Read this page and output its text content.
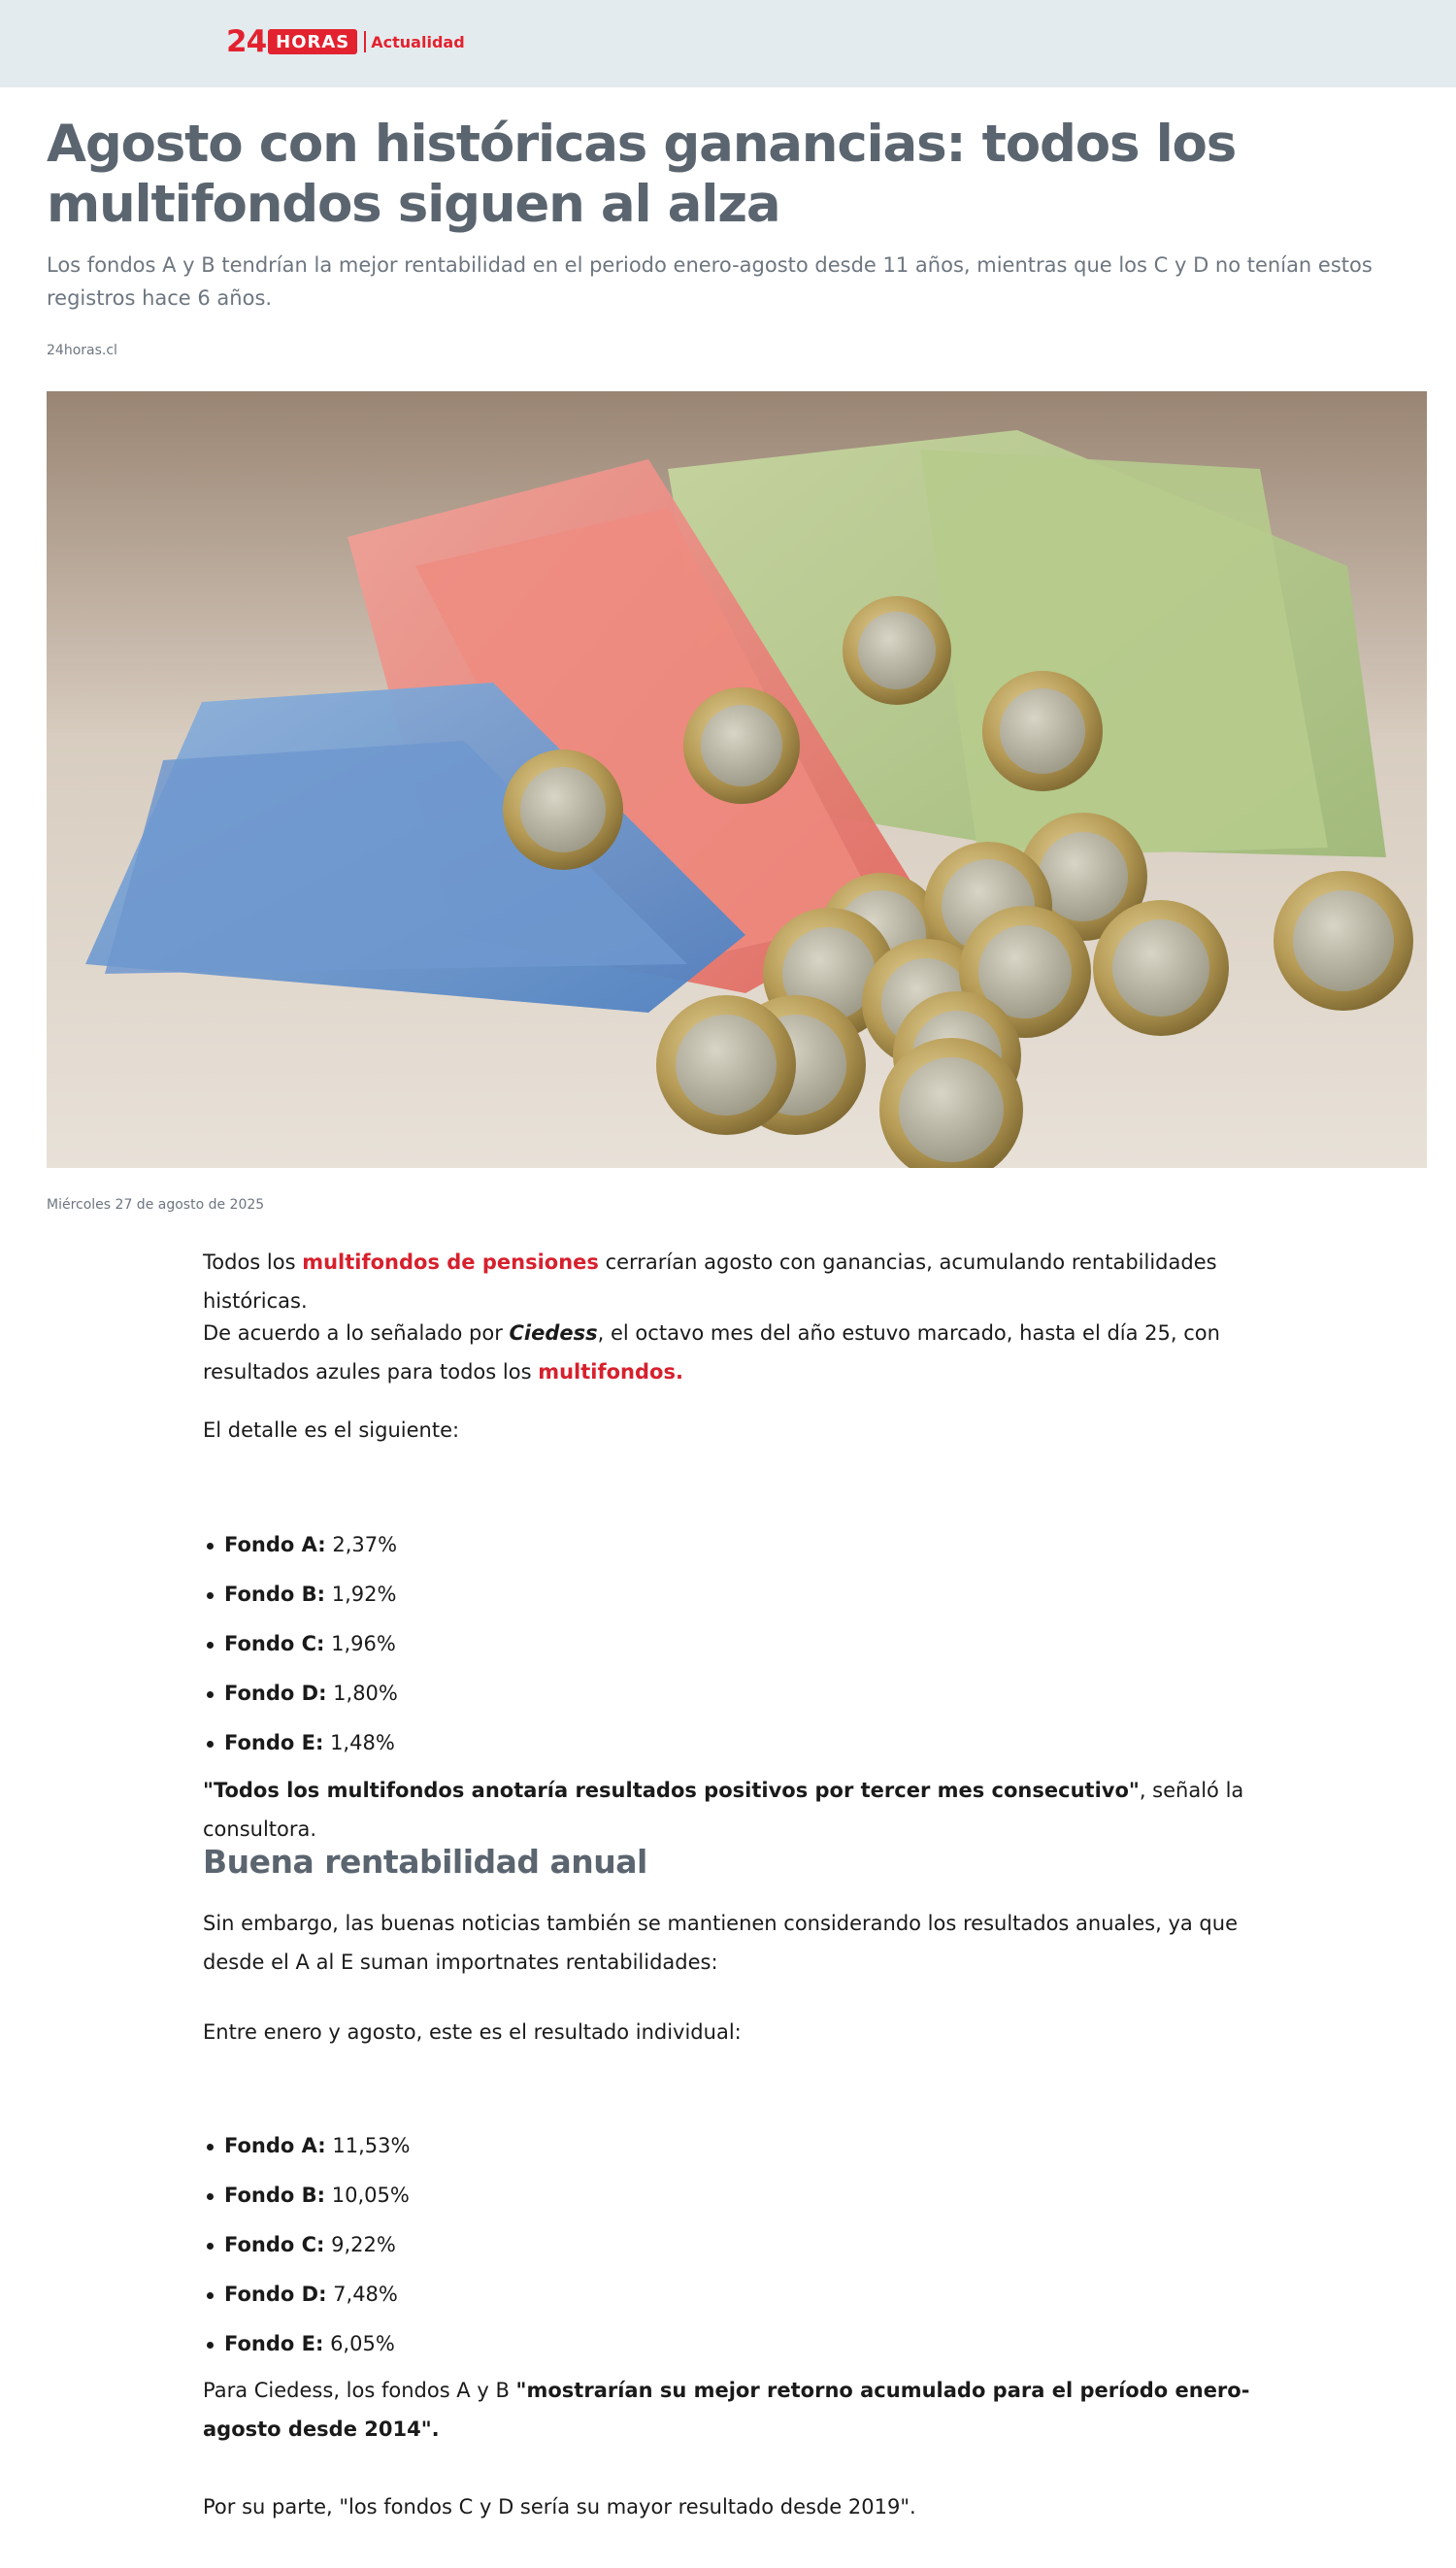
24 HORAS	Actualidad
Agosto con históricas ganancias: todos los multifondos siguen al alza

Los fondos A y B tendrían la mejor rentabilidad en el periodo enero-agosto desde 11 años, mientras que los C y D no tenían estos registros hace 6 años.

24horas.cl
Miércoles 27 de agosto de 2025

Todos los multifondos de pensiones cerrarían agosto con ganancias, acumulando rentabilidades históricas.

De acuerdo a lo señalado por Ciedess, el octavo mes del año estuvo marcado, hasta el día 25, con resultados azules para todos los multifondos.

El detalle es el siguiente:

Fondo A: 2,37%
Fondo B: 1,92%
Fondo C: 1,96%
Fondo D: 1,80%
Fondo E: 1,48%

"Todos los multifondos anotaría resultados positivos por tercer mes consecutivo", señaló la consultora.

Buena rentabilidad anual

Sin embargo, las buenas noticias también se mantienen considerando los resultados anuales, ya que desde el A al E suman importnates rentabilidades:

Entre enero y agosto, este es el resultado individual:

Fondo A: 11,53%
Fondo B: 10,05%
Fondo C: 9,22%
Fondo D: 7,48%
Fondo E: 6,05%

Para Ciedess, los fondos A y B "mostrarían su mejor retorno acumulado para el período enero-agosto desde 2014".

Por su parte, "los fondos C y D sería su mayor resultado desde 2019".
